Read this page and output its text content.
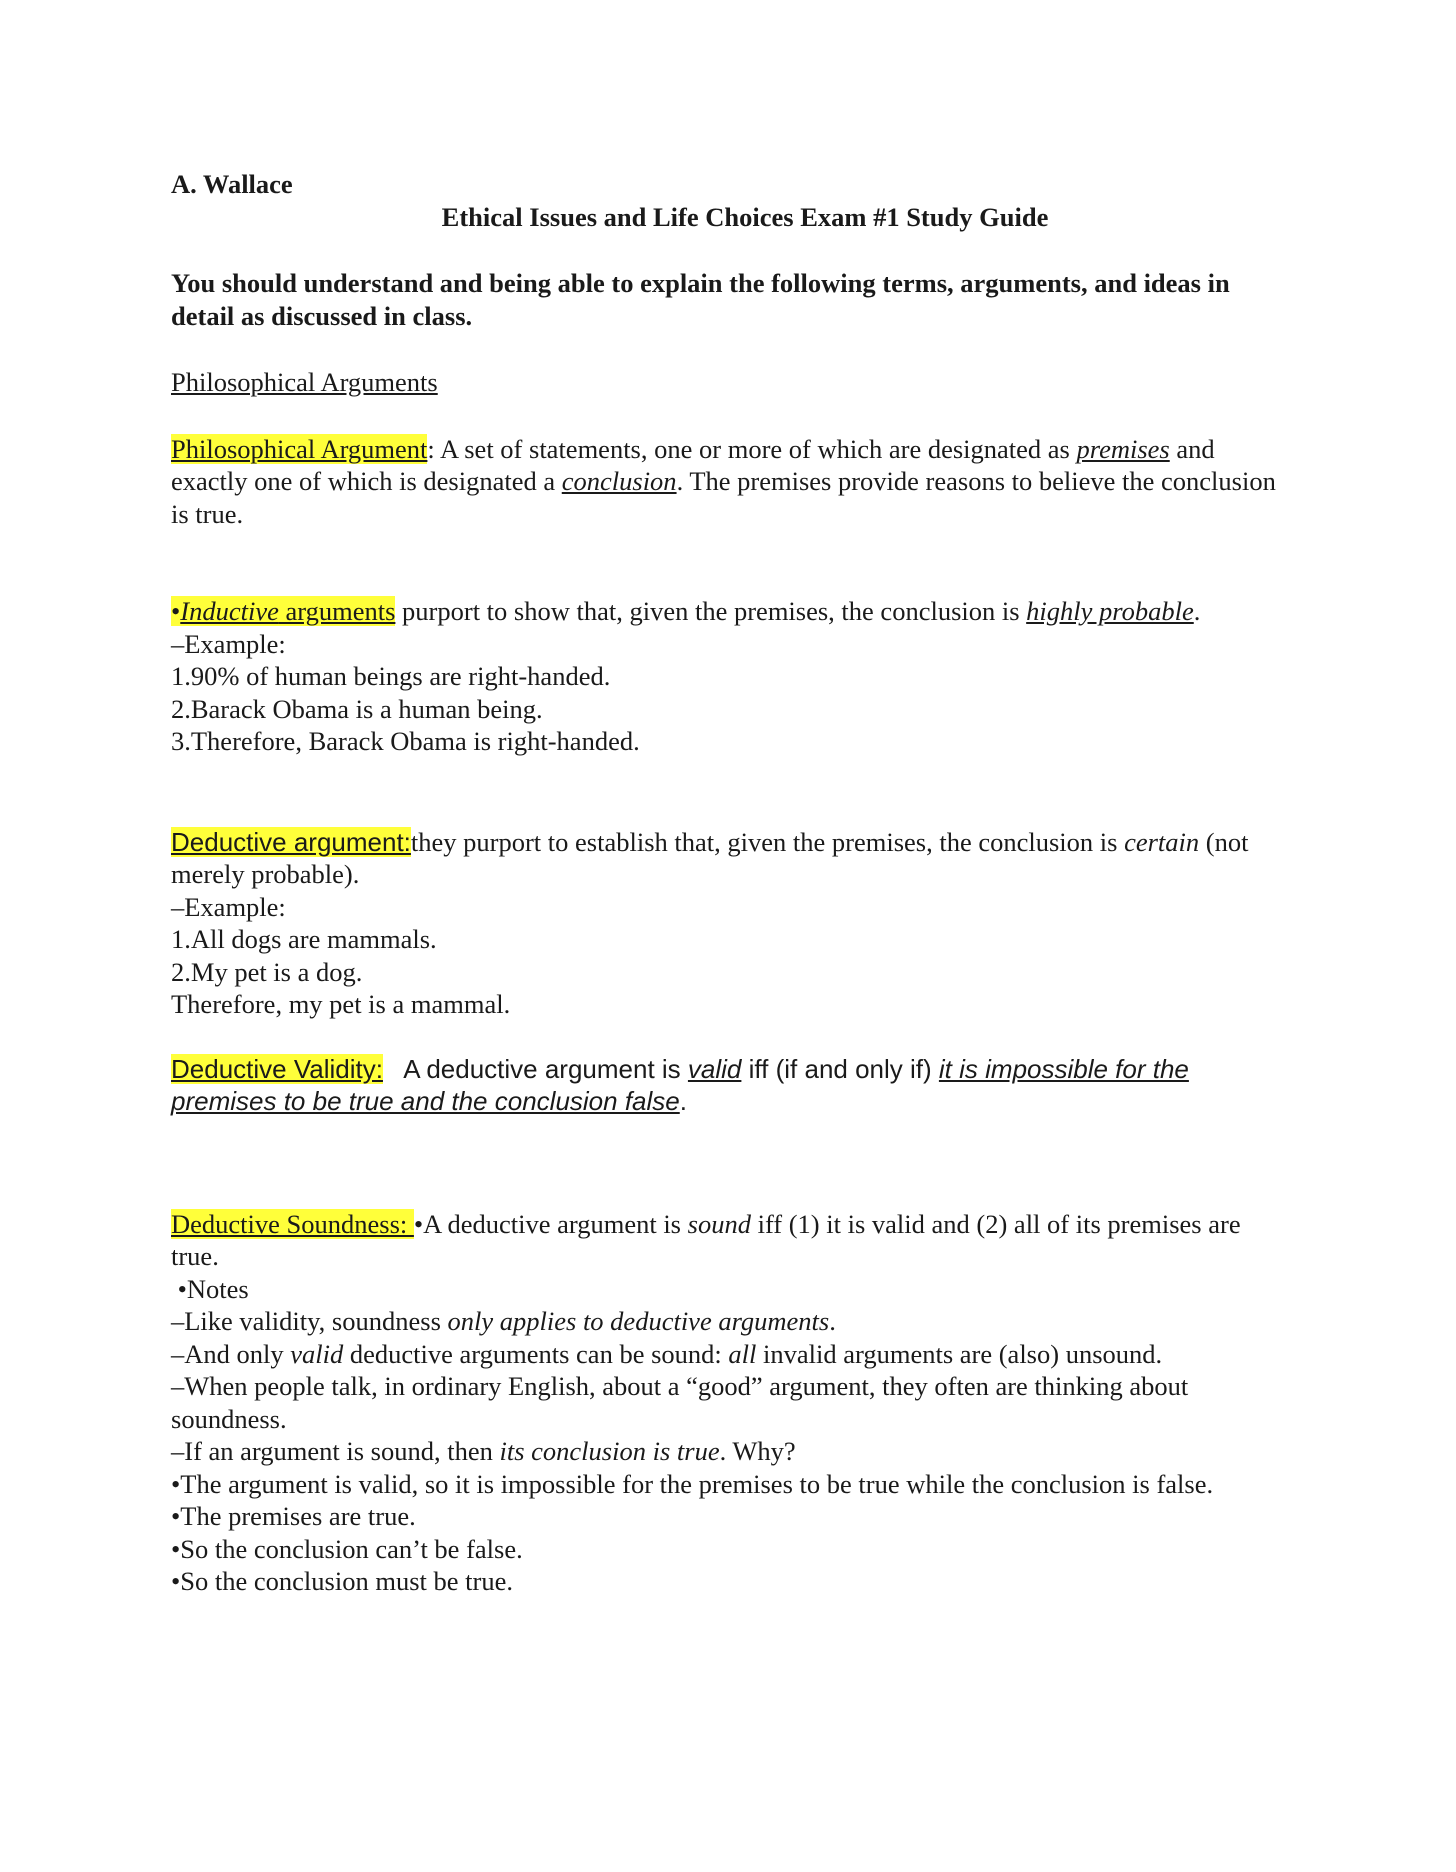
A. Wallace

Ethical Issues and Life Choices Exam #1 Study Guide

You should understand and being able to explain the following terms, arguments, and ideas in detail as discussed in class.

Philosophical Arguments

Philosophical Argument: A set of statements, one or more of which are designated as premises and exactly one of which is designated a conclusion. The premises provide reasons to believe the conclusion is true.

•Inductive arguments purport to show that, given the premises, the conclusion is highly probable.

–Example:

1.90% of human beings are right-handed.

2.Barack Obama is a human being.

3.Therefore, Barack Obama is right-handed.

Deductive argument:they purport to establish that, given the premises, the conclusion is certain (not merely probable).

–Example:

1.All dogs are mammals.

2.My pet is a dog.

Therefore, my pet is a mammal.

Deductive Validity:   A deductive argument is valid iff (if and only if) it is impossible for the premises to be true and the conclusion false.

Deductive Soundness: •A deductive argument is sound iff (1) it is valid and (2) all of its premises are true.

•Notes

–Like validity, soundness only applies to deductive arguments.

–And only valid deductive arguments can be sound: all invalid arguments are (also) unsound.

–When people talk, in ordinary English, about a “good” argument, they often are thinking about soundness.

–If an argument is sound, then its conclusion is true. Why?

•The argument is valid, so it is impossible for the premises to be true while the conclusion is false.

•The premises are true.

•So the conclusion can’t be false.

•So the conclusion must be true.
